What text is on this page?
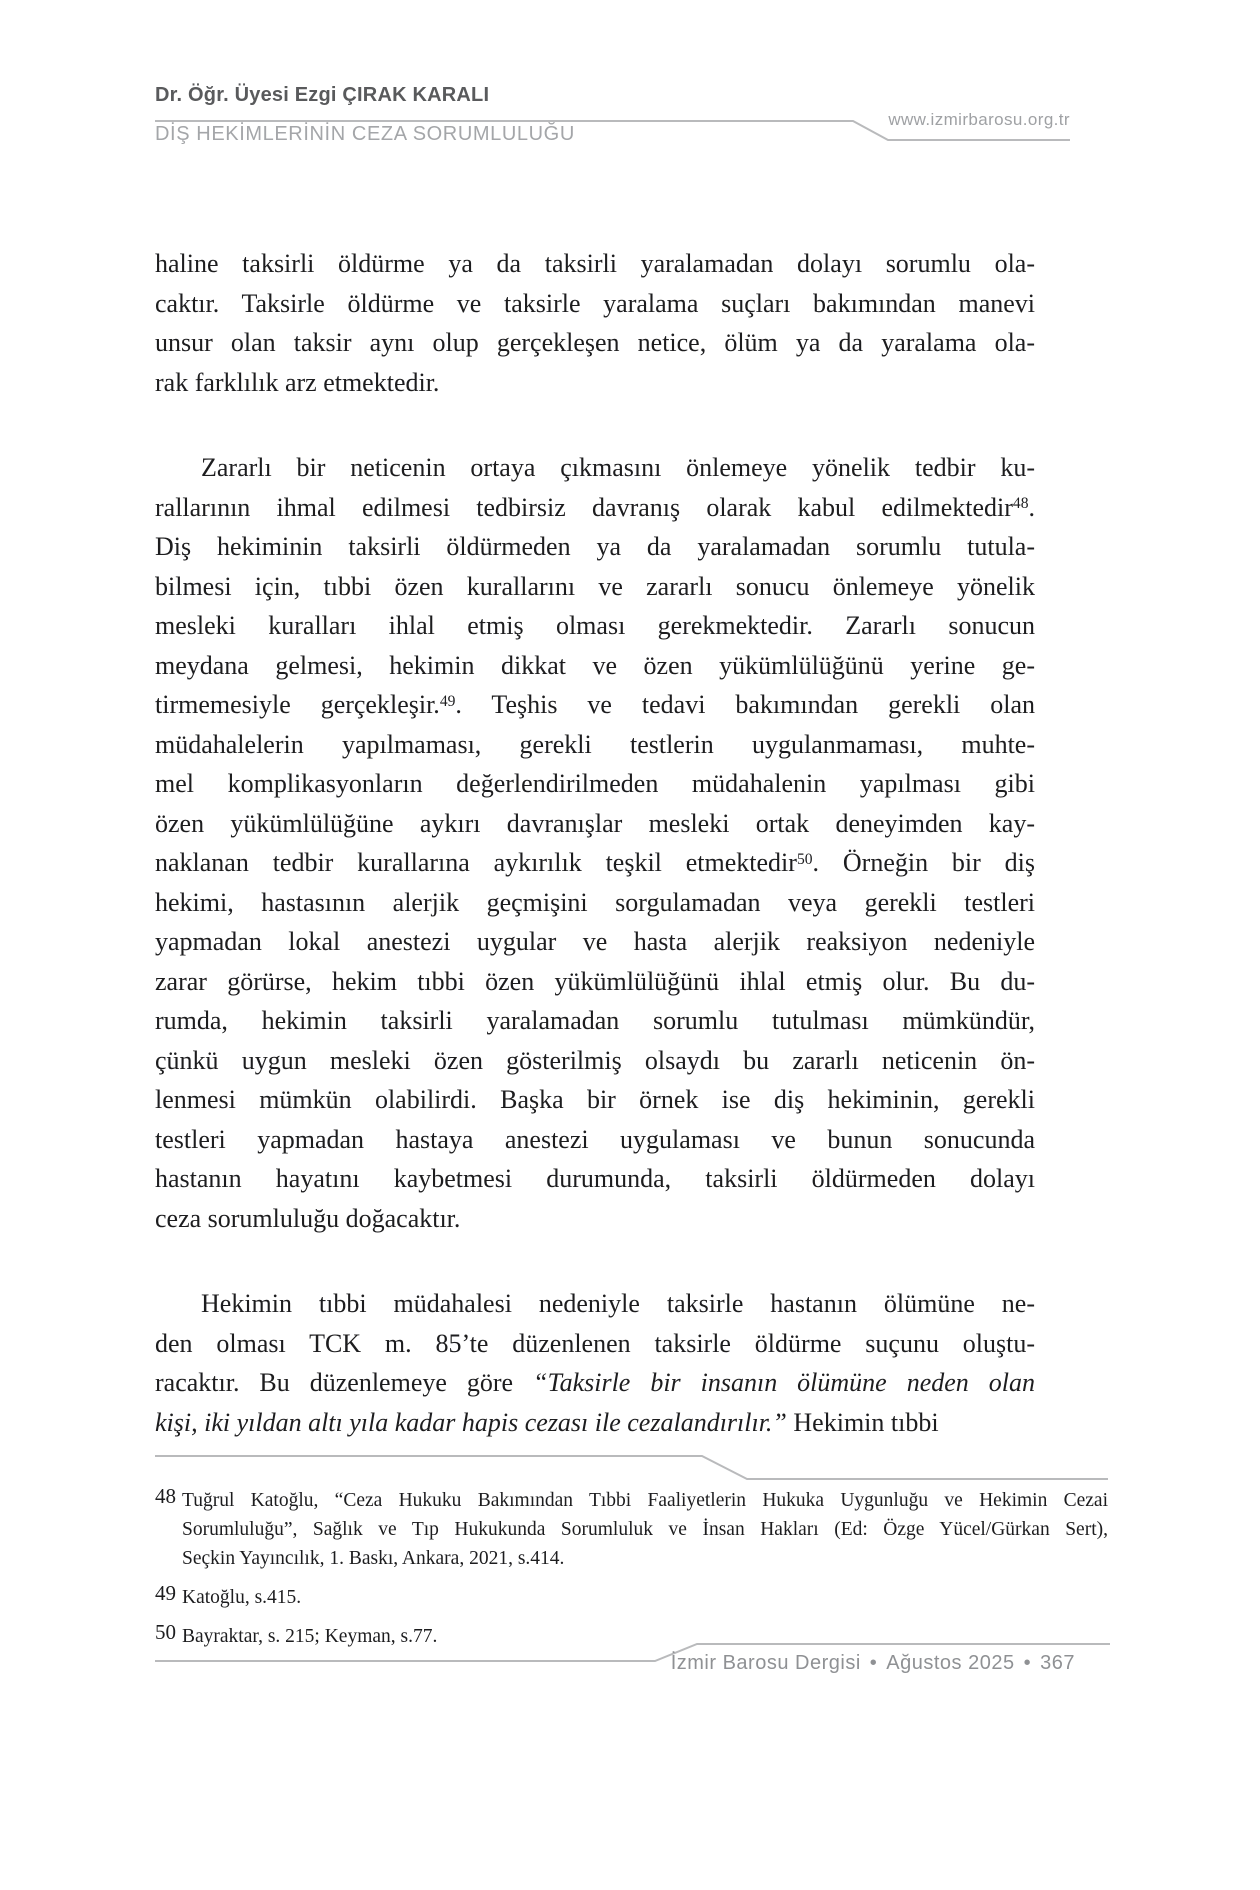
Dr. Öğr. Üyesi Ezgi ÇIRAK KARALI
DİŞ HEKİMLERİNİN CEZA SORUMLULUĞU
www.izmirbarosu.org.tr
haline taksirli öldürme ya da taksirli yaralamadan dolayı sorumlu ola-
caktır. Taksirle öldürme ve taksirle yaralama suçları bakımından manevi
unsur olan taksir aynı olup gerçekleşen netice, ölüm ya da yaralama ola-
rak farklılık arz etmektedir.
Zararlı bir neticenin ortaya çıkmasını önlemeye yönelik tedbir ku-
rallarının ihmal edilmesi tedbirsiz davranış olarak kabul edilmektedir$^{48}$.
Diş hekiminin taksirli öldürmeden ya da yaralamadan sorumlu tutula-
bilmesi için, tıbbi özen kurallarını ve zararlı sonucu önlemeye yönelik
mesleki kuralları ihlal etmiş olması gerekmektedir. Zararlı sonucun
meydana gelmesi, hekimin dikkat ve özen yükümlülüğünü yerine ge-
tirmemesiyle gerçekleşir.$^{49}$. Teşhis ve tedavi bakımından gerekli olan
müdahalelerin yapılmaması, gerekli testlerin uygulanmaması, muhte-
mel komplikasyonların değerlendirilmeden müdahalenin yapılması gibi
özen yükümlülüğüne aykırı davranışlar mesleki ortak deneyimden kay-
naklanan tedbir kurallarına aykırılık teşkil etmektedir$^{50}$. Örneğin bir diş
hekimi, hastasının alerjik geçmişini sorgulamadan veya gerekli testleri
yapmadan lokal anestezi uygular ve hasta alerjik reaksiyon nedeniyle
zarar görürse, hekim tıbbi özen yükümlülüğünü ihlal etmiş olur. Bu du-
rumda, hekimin taksirli yaralamadan sorumlu tutulması mümkündür,
çünkü uygun mesleki özen gösterilmiş olsaydı bu zararlı neticenin ön-
lenmesi mümkün olabilirdi. Başka bir örnek ise diş hekiminin, gerekli
testleri yapmadan hastaya anestezi uygulaması ve bunun sonucunda
hastanın hayatını kaybetmesi durumunda, taksirli öldürmeden dolayı
ceza sorumluluğu doğacaktır.
Hekimin tıbbi müdahalesi nedeniyle taksirle hastanın ölümüne ne-
den olması TCK m. 85’te düzenlenen taksirle öldürme suçunu oluştu-
racaktır. Bu düzenlemeye göre “Taksirle bir insanın ölümüne neden olan
kişi, iki yıldan altı yıla kadar hapis cezası ile cezalandırılır.” Hekimin tıbbi
48 Tuğrul Katoğlu, “Ceza Hukuku Bakımından Tıbbi Faaliyetlerin Hukuka Uygunluğu ve Hekimin Cezai
Sorumluluğu”, Sağlık ve Tıp Hukukunda Sorumluluk ve İnsan Hakları (Ed: Özge Yücel/Gürkan Sert),
Seçkin Yayıncılık, 1. Baskı, Ankara, 2021, s.414.
49 Katoğlu, s.415.
50 Bayraktar, s. 215; Keyman, s.77.
İzmir Barosu Dergisi • Ağustos 2025 • 367
